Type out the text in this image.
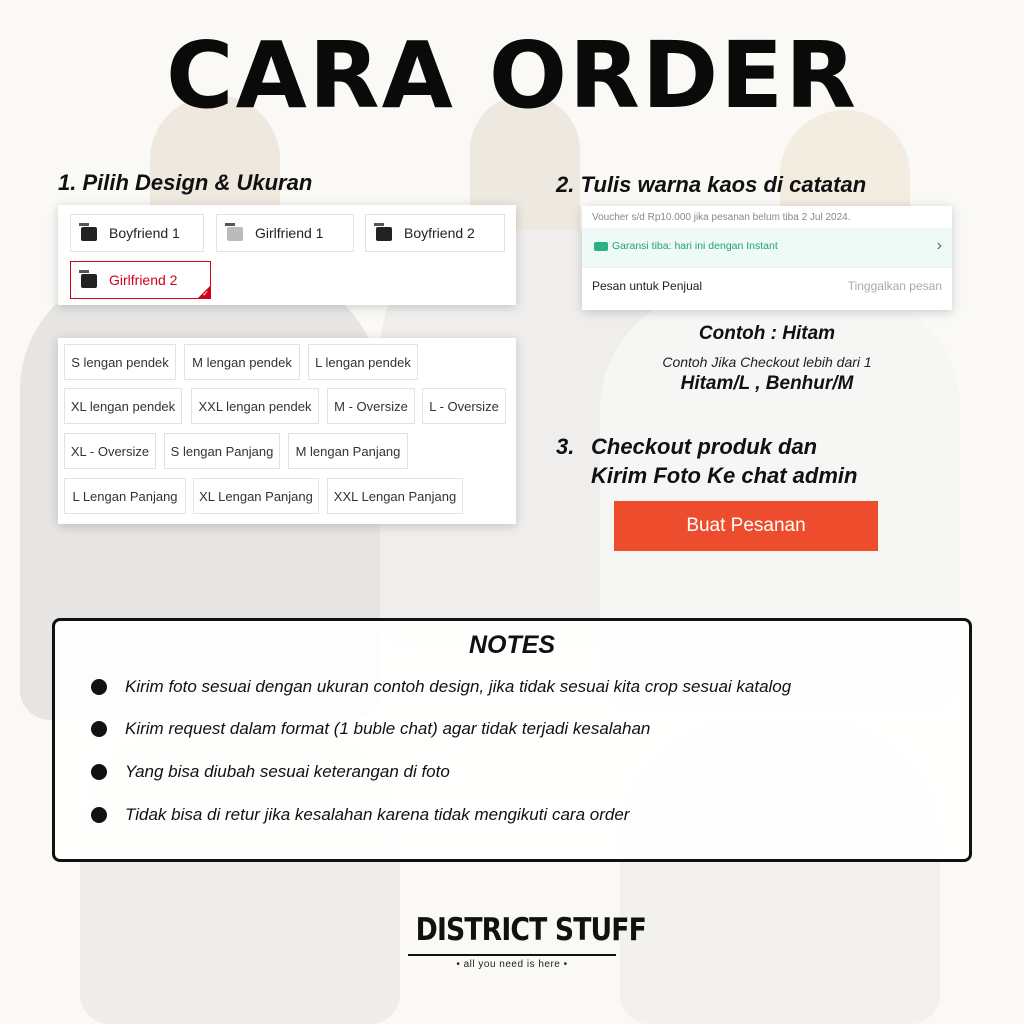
CARA ORDER
1. Pilih Design & Ukuran	2. Tulis warna kaos di catatan
Boyfriend 1	Girlfriend 1	Boyfriend 2
Girlfriend 2
✓
S lengan pendek	M lengan pendek	L lengan pendek
XL lengan pendek	XXL lengan pendek	M - Oversize	L - Oversize
XL - Oversize	S lengan Panjang	M lengan Panjang
L Lengan Panjang	XL Lengan Panjang	XXL Lengan Panjang
Voucher s/d Rp10.000 jika pesanan belum tiba 2 Jul 2024.
Garansi tiba: hari ini dengan Instant	›
Pesan untuk Penjual	Tinggalkan pesan
Contoh : Hitam
Contoh Jika Checkout lebih dari 1
Hitam/L , Benhur/M
3. Checkout produk dan
Kirim Foto Ke chat admin
Buat Pesanan
NOTES
Kirim foto sesuai dengan ukuran contoh design, jika tidak sesuai kita crop sesuai katalog
Kirim request dalam format (1 buble chat) agar tidak terjadi kesalahan
Yang bisa diubah sesuai keterangan di foto
Tidak bisa di retur jika kesalahan karena tidak mengikuti cara order
DISTRICT STUFF
• all you need is here •
